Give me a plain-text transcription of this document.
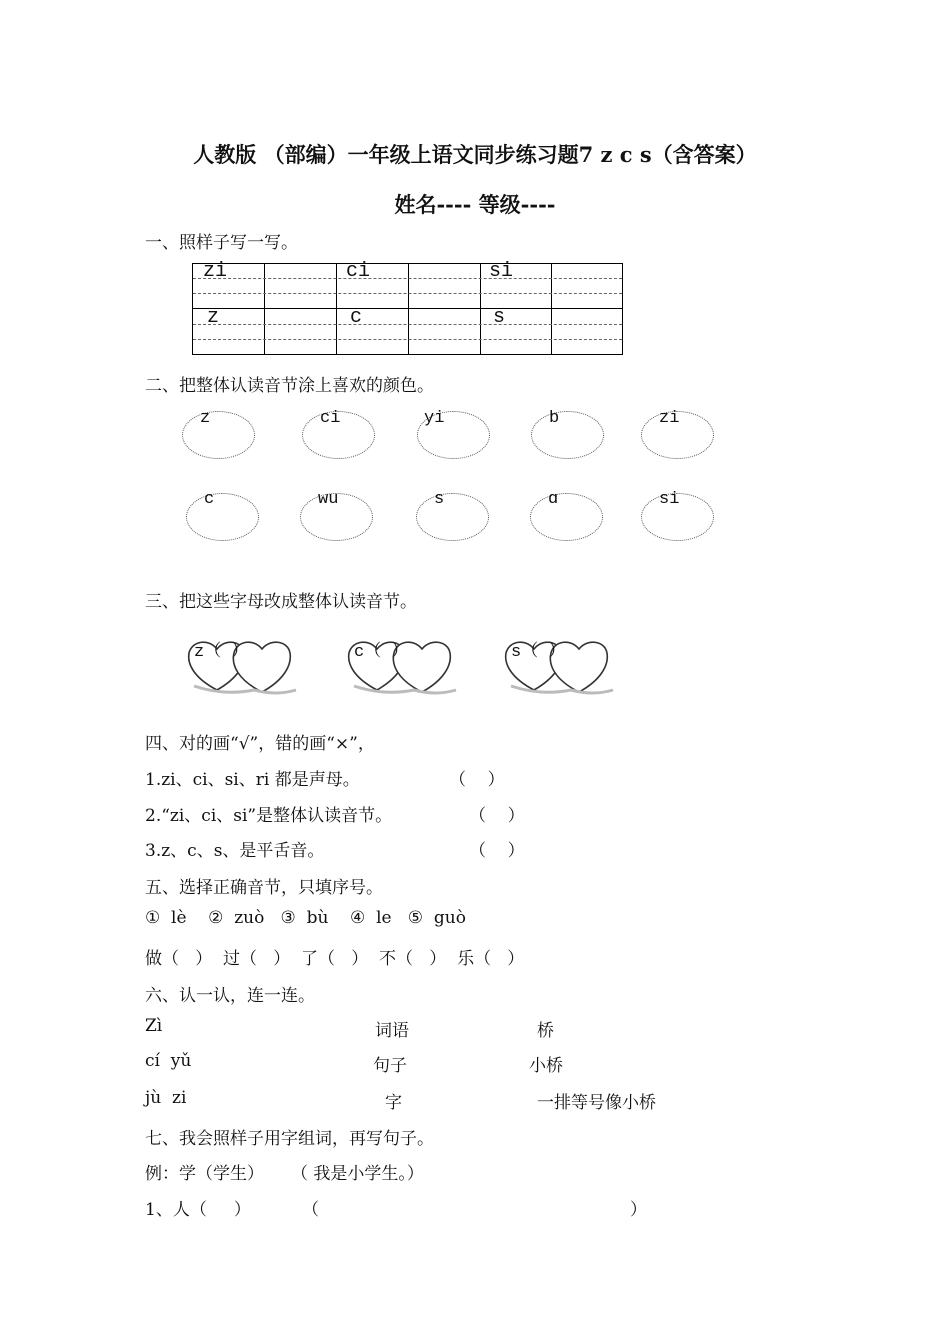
人教版 （部编）一年级上语文同步练习题7 z c s（含答案）
姓名---- 等级----
一、照样子写一写。
zi	ci	si
z	c	s
二、把整体认读音节涂上喜欢的颜色。
z	ci	yi	b	zi
c	wu	s	ɑ	si
三、把这些字母改成整体认读音节。
z（ ）	c（ ）	s（ ）
四、对的画“√”，错的画“×”，
1.zi、ci、si、ri 都是声母。	（    ）
2.“zi、ci、si”是整体认读音节。	（    ）
3.z、c、s、是平舌音。	（    ）
五、选择正确音节，只填序号。
①  lè    ②  zuò   ③  bù    ④  le   ⑤  guò
做（   ）  过（   ）  了（   ）  不（   ）  乐（   ）
六、认一认，连一连。
Zì	词语	桥
cí  yǔ	句子	小桥
jù  zi	字	一排等号像小桥
七、我会照样子用字组词，再写句子。
例：学（学生）     （ 我是小学生。）
1、人（     ）	（	）
